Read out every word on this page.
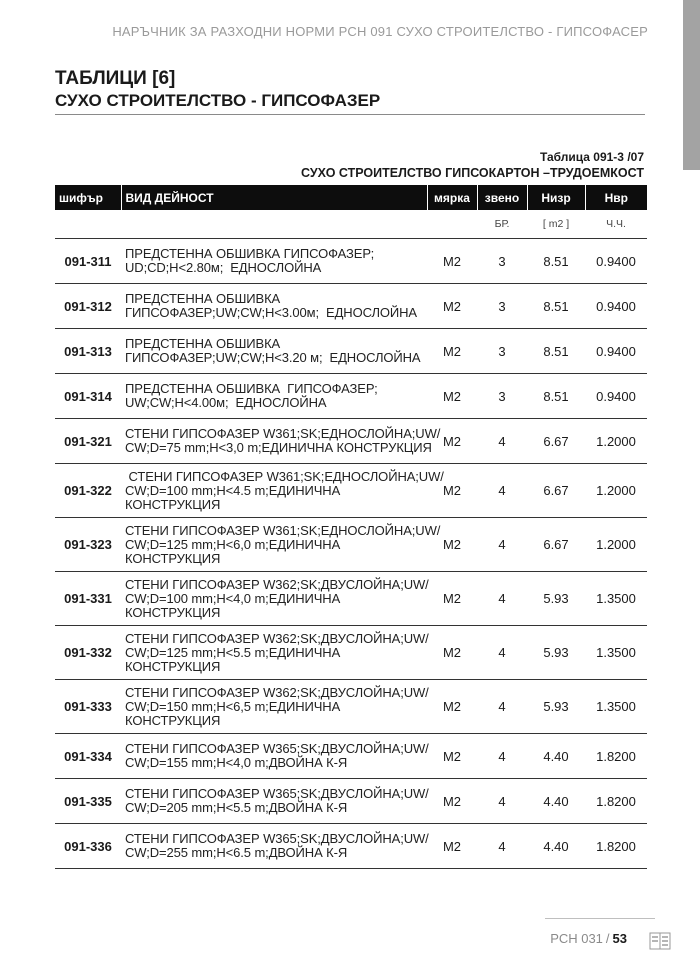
НАРЪЧНИК ЗА РАЗХОДНИ НОРМИ РСН 091 СУХО СТРОИТЕЛСТВО - ГИПСОФАСЕР
ТАБЛИЦИ [6]
СУХО СТРОИТЕЛСТВО - ГИПСОФАЗЕР
Таблица 091-3 /07
СУХО СТРОИТЕЛСТВО ГИПСОКАРТОН –ТРУДОЕМКОСТ
шифър	ВИД ДЕЙНОСТ	мярка	звено	Низр	Нвр
			БР.	[ m2 ]	Ч.Ч.
091-311	ПРЕДСТЕННА ОБШИВКА ГИПСОФАЗЕР;
UD;CD;H<2.80м;  ЕДНОСЛОЙНА	M2	3	8.51	0.9400
091-312	ПРЕДСТЕННА ОБШИВКА
ГИПСОФАЗЕР;UW;CW;H<3.00м;  ЕДНОСЛОЙНА	M2	3	8.51	0.9400
091-313	ПРЕДСТЕННА ОБШИВКА
ГИПСОФАЗЕР;UW;CW;H<3.20 м;  ЕДНОСЛОЙНА	M2	3	8.51	0.9400
091-314	ПРЕДСТЕННА ОБШИВКА  ГИПСОФАЗЕР;
UW;CW;H<4.00м;  ЕДНОСЛОЙНА	M2	3	8.51	0.9400
091-321	СТЕНИ ГИПСОФАЗЕР W361;SK;ЕДНОСЛОЙНА;UW/
CW;D=75 mm;H<3,0 m;ЕДИНИЧНА КОНСТРУКЦИЯ	M2	4	6.67	1.2000
091-322	СТЕНИ ГИПСОФАЗЕР W361;SK;ЕДНОСЛОЙНА;UW/
CW;D=100 mm;H<4.5 m;ЕДИНИЧНА
КОНСТРУКЦИЯ	M2	4	6.67	1.2000
091-323	СТЕНИ ГИПСОФАЗЕР W361;SK;ЕДНОСЛОЙНА;UW/
CW;D=125 mm;H<6,0 m;ЕДИНИЧНА
КОНСТРУКЦИЯ	M2	4	6.67	1.2000
091-331	СТЕНИ ГИПСОФАЗЕР W362;SK;ДВУСЛОЙНА;UW/
CW;D=100 mm;H<4,0 m;ЕДИНИЧНА
КОНСТРУКЦИЯ	M2	4	5.93	1.3500
091-332	СТЕНИ ГИПСОФАЗЕР W362;SK;ДВУСЛОЙНА;UW/
CW;D=125 mm;H<5.5 m;ЕДИНИЧНА
КОНСТРУКЦИЯ	M2	4	5.93	1.3500
091-333	СТЕНИ ГИПСОФАЗЕР W362;SK;ДВУСЛОЙНА;UW/
CW;D=150 mm;H<6,5 m;ЕДИНИЧНА
КОНСТРУКЦИЯ	M2	4	5.93	1.3500
091-334	СТЕНИ ГИПСОФАЗЕР W365;SK;ДВУСЛОЙНА;UW/
CW;D=155 mm;H<4,0 m;ДВОЙНА К-Я	M2	4	4.40	1.8200
091-335	СТЕНИ ГИПСОФАЗЕР W365;SK;ДВУСЛОЙНА;UW/
CW;D=205 mm;H<5.5 m;ДВОЙНА К-Я	M2	4	4.40	1.8200
091-336	СТЕНИ ГИПСОФАЗЕР W365;SK;ДВУСЛОЙНА;UW/
CW;D=255 mm;H<6.5 m;ДВОЙНА К-Я	M2	4	4.40	1.8200
РСН 031 / 53
